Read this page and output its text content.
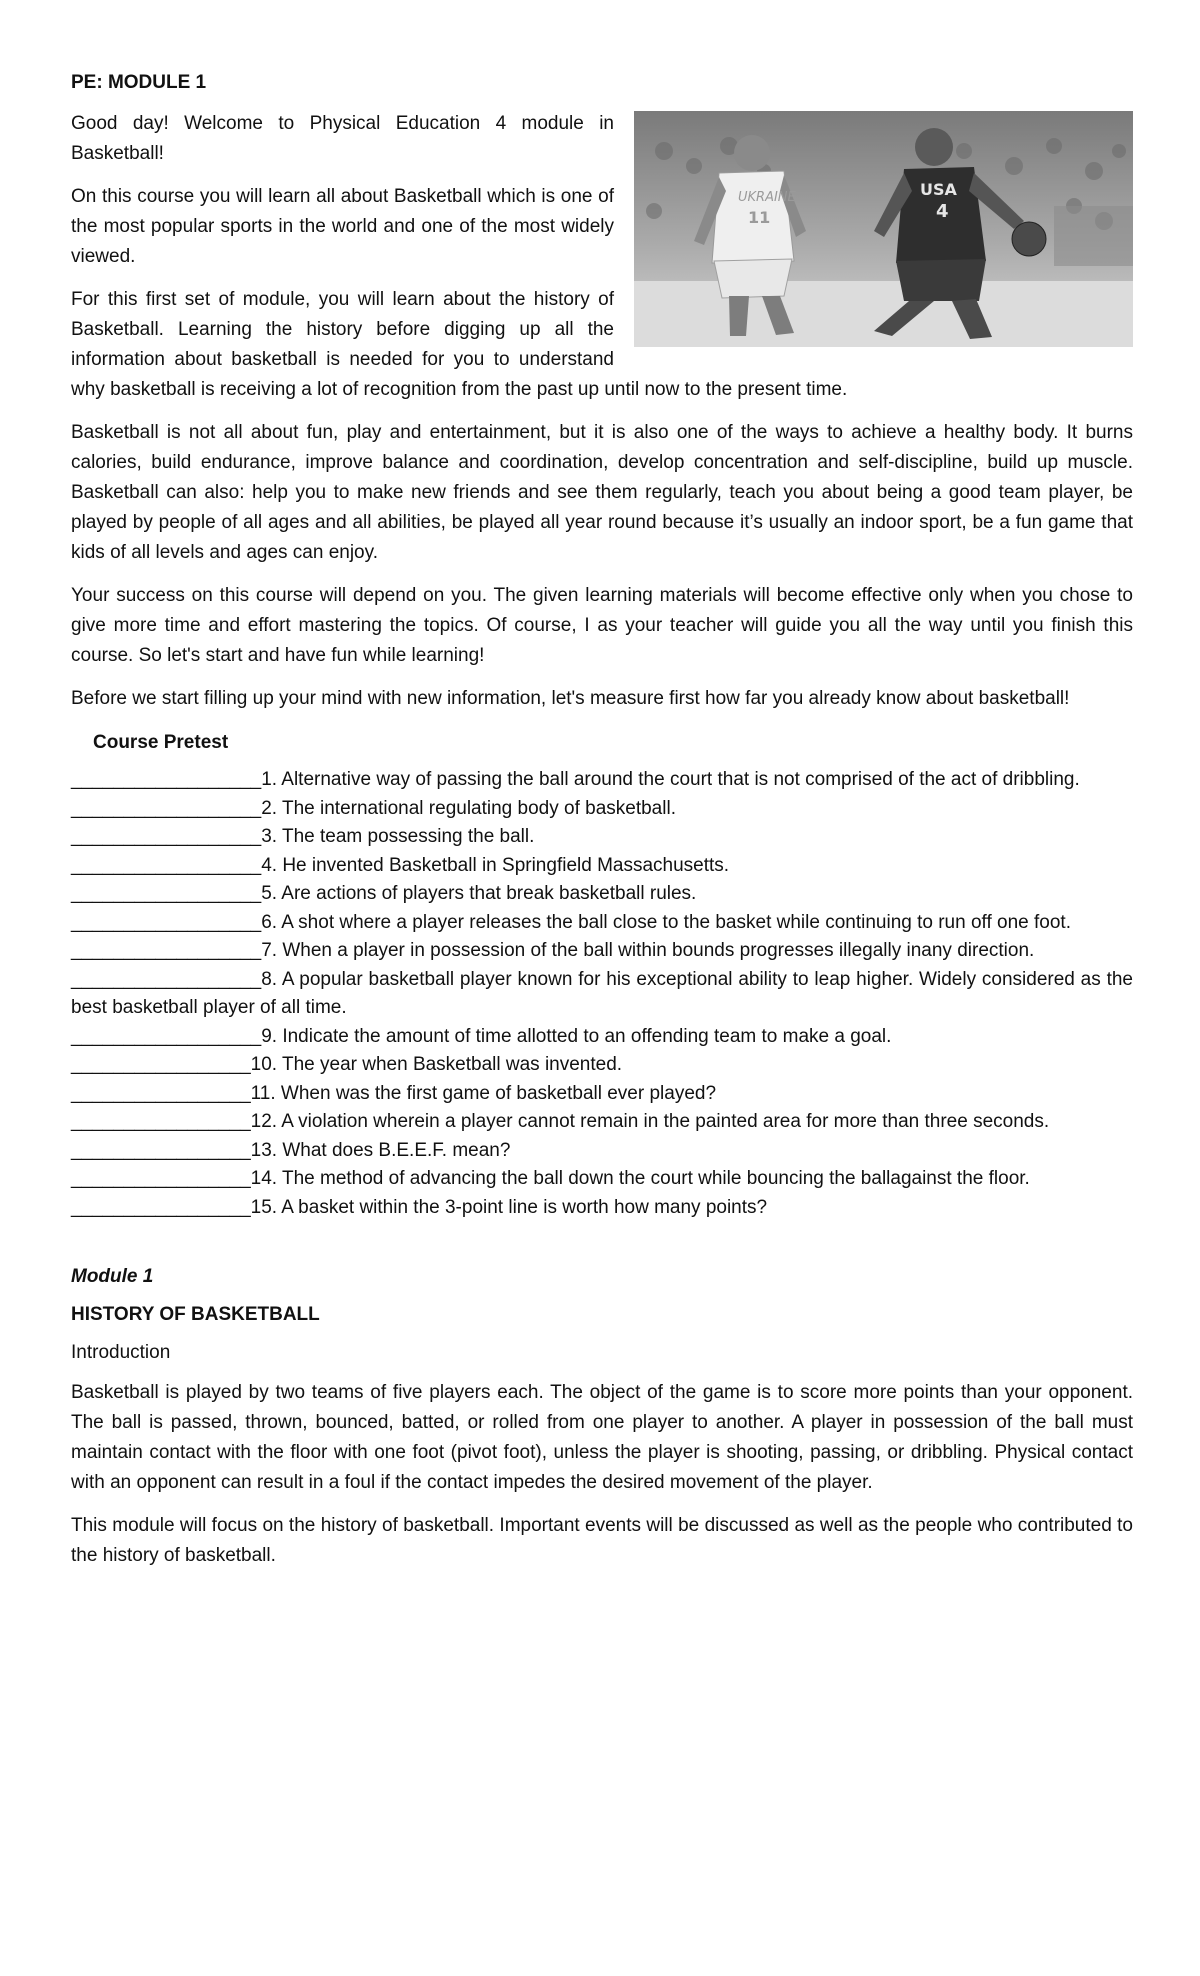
PE: MODULE 1
UKRAINE
11
USA
4

Good day! Welcome to Physical Education 4 module in Basketball!

On this course you will learn all about Basketball which is one of the most popular sports in the world and one of the most widely viewed.

For this first set of module, you will learn about the history of Basketball. Learning the history before digging up all the information about basketball is needed for you to understand why basketball is receiving a lot of recognition from the past up until now to the present time.

Basketball is not all about fun, play and entertainment, but it is also one of the ways to achieve a healthy body. It burns calories, build endurance, improve balance and coordination, develop concentration and self-discipline, build up muscle. Basketball can also: help you to make new friends and see them regularly, teach you about being a good team player, be played by people of all ages and all abilities, be played all year round because it’s usually an indoor sport, be a fun game that kids of all levels and ages can enjoy.

Your success on this course will depend on you. The given learning materials will become effective only when you chose to give more time and effort mastering the topics. Of course, I as your teacher will guide you all the way until you finish this course. So let's start and have fun while learning!

Before we start filling up your mind with new information, let's measure first how far you already know about basketball!

Course Pretest
__________________1. Alternative way of passing the ball around the court that is not comprised of the act of dribbling.
__________________2. The international regulating body of basketball.
__________________3. The team possessing the ball.
__________________4. He invented Basketball in Springfield Massachusetts.
__________________5. Are actions of players that break basketball rules.
__________________6. A shot where a player releases the ball close to the basket while continuing to run off one foot.
__________________7. When a player in possession of the ball within bounds progresses illegally inany direction.
__________________8. A popular basketball player known for his exceptional ability to leap higher. Widely considered as the best basketball player of all time.
__________________9. Indicate the amount of time allotted to an offending team to make a goal.
_________________10. The year when Basketball was invented.
_________________11. When was the first game of basketball ever played?
_________________12. A violation wherein a player cannot remain in the painted area for more than three seconds.
_________________13. What does B.E.E.F. mean?
_________________14. The method of advancing the ball down the court while bouncing the ballagainst the floor.
_________________15. A basket within the 3-point line is worth how many points?
Module 1
HISTORY OF BASKETBALL
Introduction

Basketball is played by two teams of five players each. The object of the game is to score more points than your opponent. The ball is passed, thrown, bounced, batted, or rolled from one player to another. A player in possession of the ball must maintain contact with the floor with one foot (pivot foot), unless the player is shooting, passing, or dribbling. Physical contact with an opponent can result in a foul if the contact impedes the desired movement of the player.

This module will focus on the history of basketball. Important events will be discussed as well as the people who contributed to the history of basketball.
